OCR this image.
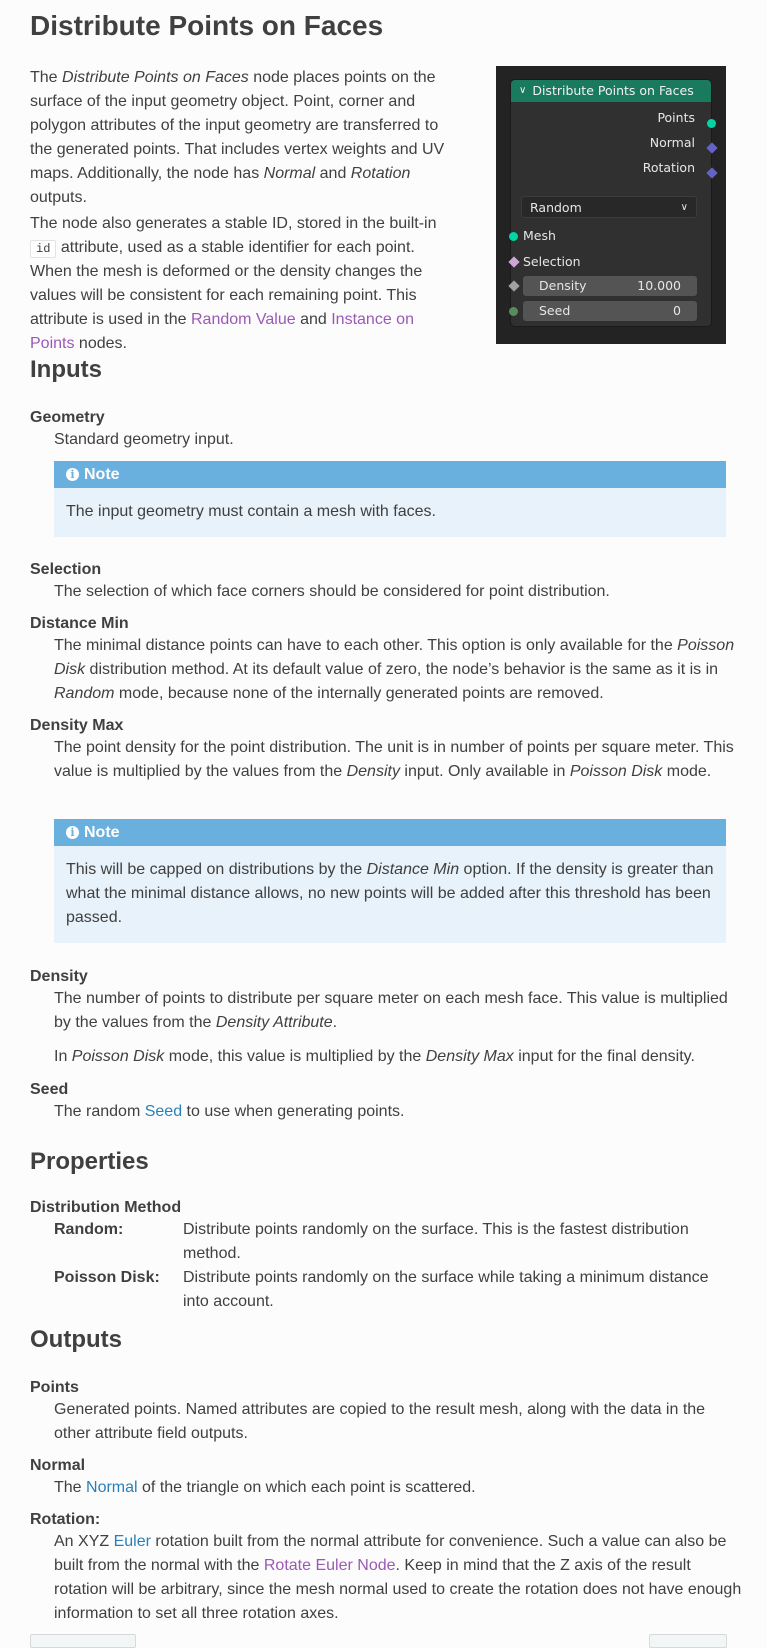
Distribute Points on Faces

The Distribute Points on Faces node places points on the surface of the input geometry object. Point, corner and polygon attributes of the input geometry are transferred to the generated points. That includes vertex weights and UV maps. Additionally, the node has Normal and Rotation outputs.

The node also generates a stable ID, stored in the built-in id attribute, used as a stable identifier for each point. When the mesh is deformed or the density changes the values will be consistent for each remaining point. This attribute is used in the Random Value and Instance on Points nodes.

∨ Distribute Points on Faces
Points
Normal
Rotation
Random	∨
Mesh
Selection
Density	10.000
Seed	0
Inputs
Geometry
Standard geometry input.
i Note
The input geometry must contain a mesh with faces.
Selection
The selection of which face corners should be considered for point distribution.
Distance Min
The minimal distance points can have to each other. This option is only available for the Poisson Disk distribution method. At its default value of zero, the node’s behavior is the same as it is in Random mode, because none of the internally generated points are removed.
Density Max
The point density for the point distribution. The unit is in number of points per square meter. This value is multiplied by the values from the Density input. Only available in Poisson Disk mode.
i Note
This will be capped on distributions by the Distance Min option. If the density is greater than what the minimal distance allows, no new points will be added after this threshold has been passed.
Density
The number of points to distribute per square meter on each mesh face. This value is multiplied by the values from the Density Attribute.
In Poisson Disk mode, this value is multiplied by the Density Max input for the final density.
Seed
The random Seed to use when generating points.
Properties
Distribution Method
Random:	Distribute points randomly on the surface. This is the fastest distribution method.
Poisson Disk: Distribute points randomly on the surface while taking a minimum distance into account.
Outputs
Points
Generated points. Named attributes are copied to the result mesh, along with the data in the other attribute field outputs.
Normal
The Normal of the triangle on which each point is scattered.
Rotation:
An XYZ Euler rotation built from the normal attribute for convenience. Such a value can also be built from the normal with the Rotate Euler Node. Keep in mind that the Z axis of the result rotation will be arbitrary, since the mesh normal used to create the rotation does not have enough information to set all three rotation axes.
